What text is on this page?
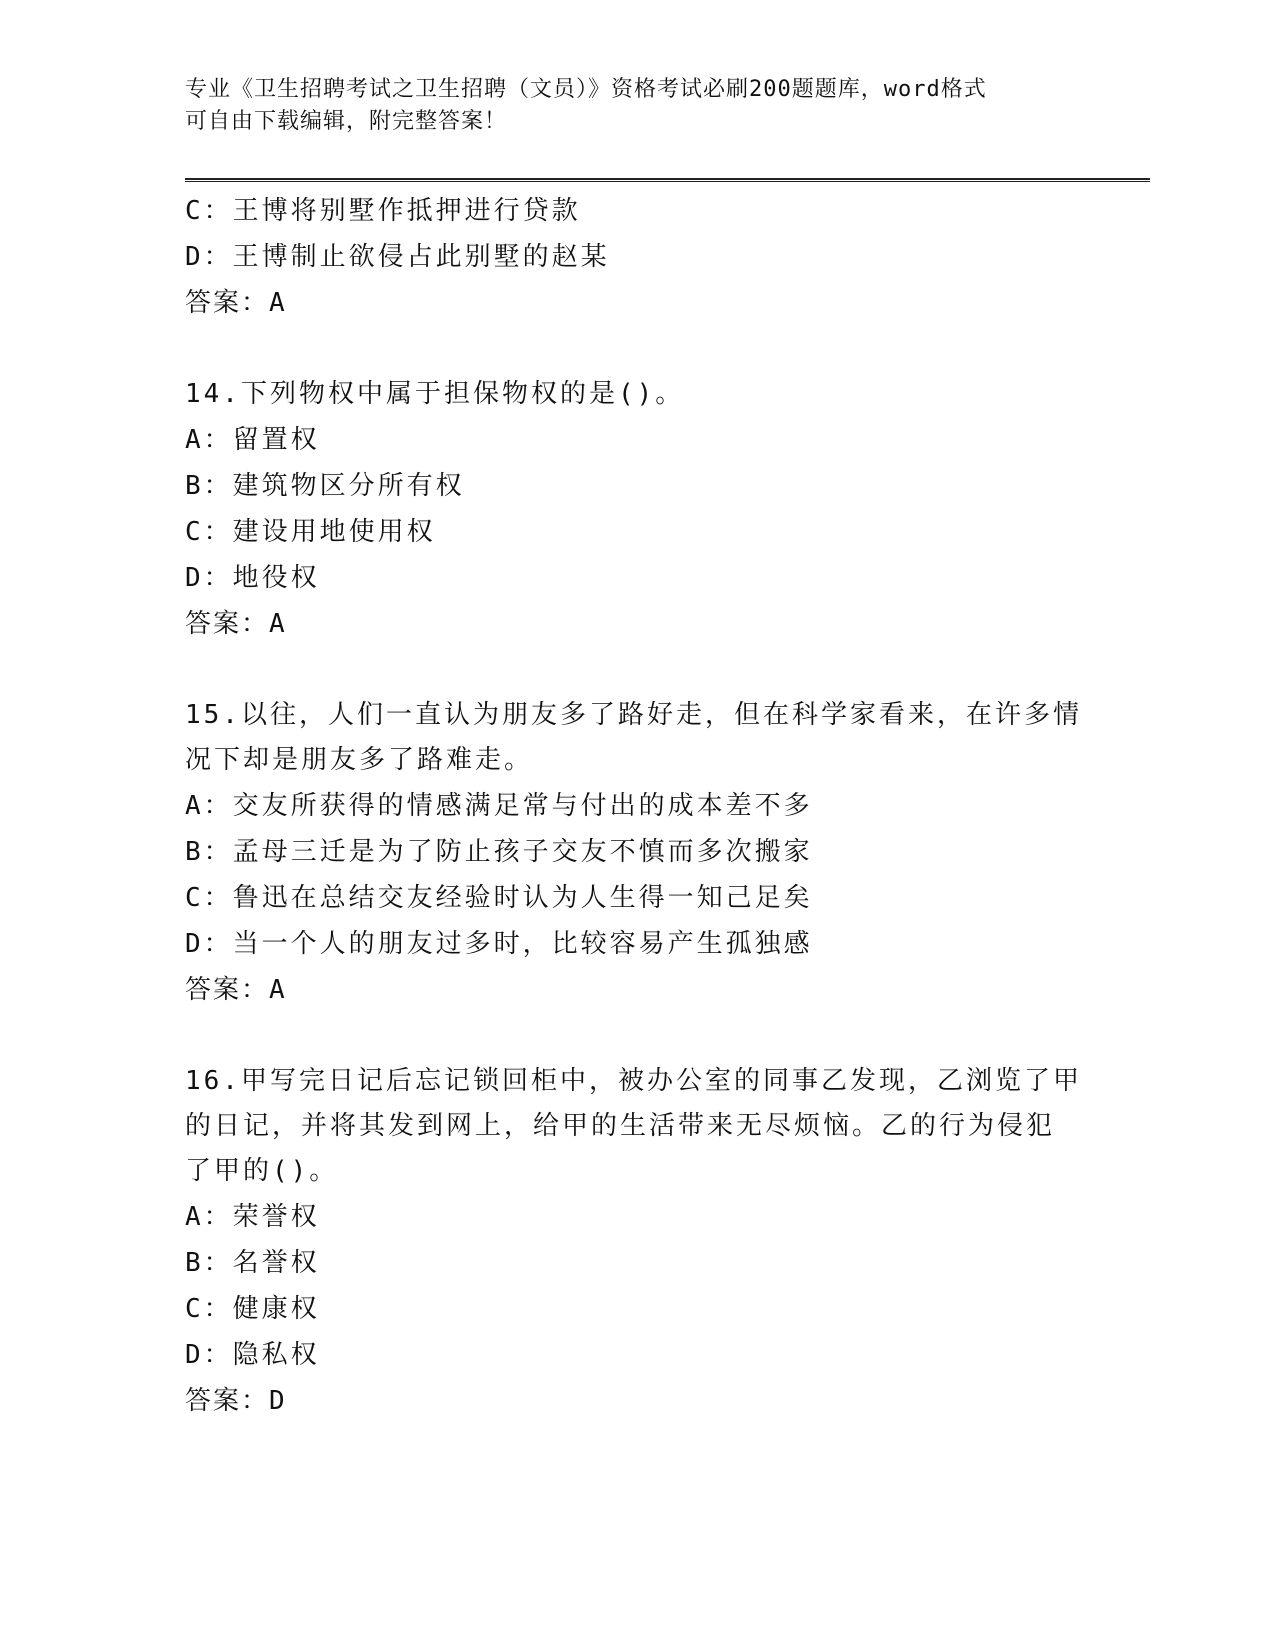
专业《卫生招聘考试之卫生招聘（文员）》资格考试必刷200题题库，word格式
可自由下载编辑，附完整答案！
C：王博将别墅作抵押进行贷款
D：王博制止欲侵占此别墅的赵某
答案：A
14.下列物权中属于担保物权的是()。
A：留置权
B：建筑物区分所有权
C：建设用地使用权
D：地役权
答案：A
15.以往，人们一直认为朋友多了路好走，但在科学家看来，在许多情
况下却是朋友多了路难走。
A：交友所获得的情感满足常与付出的成本差不多
B：孟母三迁是为了防止孩子交友不慎而多次搬家
C：鲁迅在总结交友经验时认为人生得一知己足矣
D：当一个人的朋友过多时，比较容易产生孤独感
答案：A
16.甲写完日记后忘记锁回柜中，被办公室的同事乙发现，乙浏览了甲
的日记，并将其发到网上，给甲的生活带来无尽烦恼。乙的行为侵犯
了甲的()。
A：荣誉权
B：名誉权
C：健康权
D：隐私权
答案：D
